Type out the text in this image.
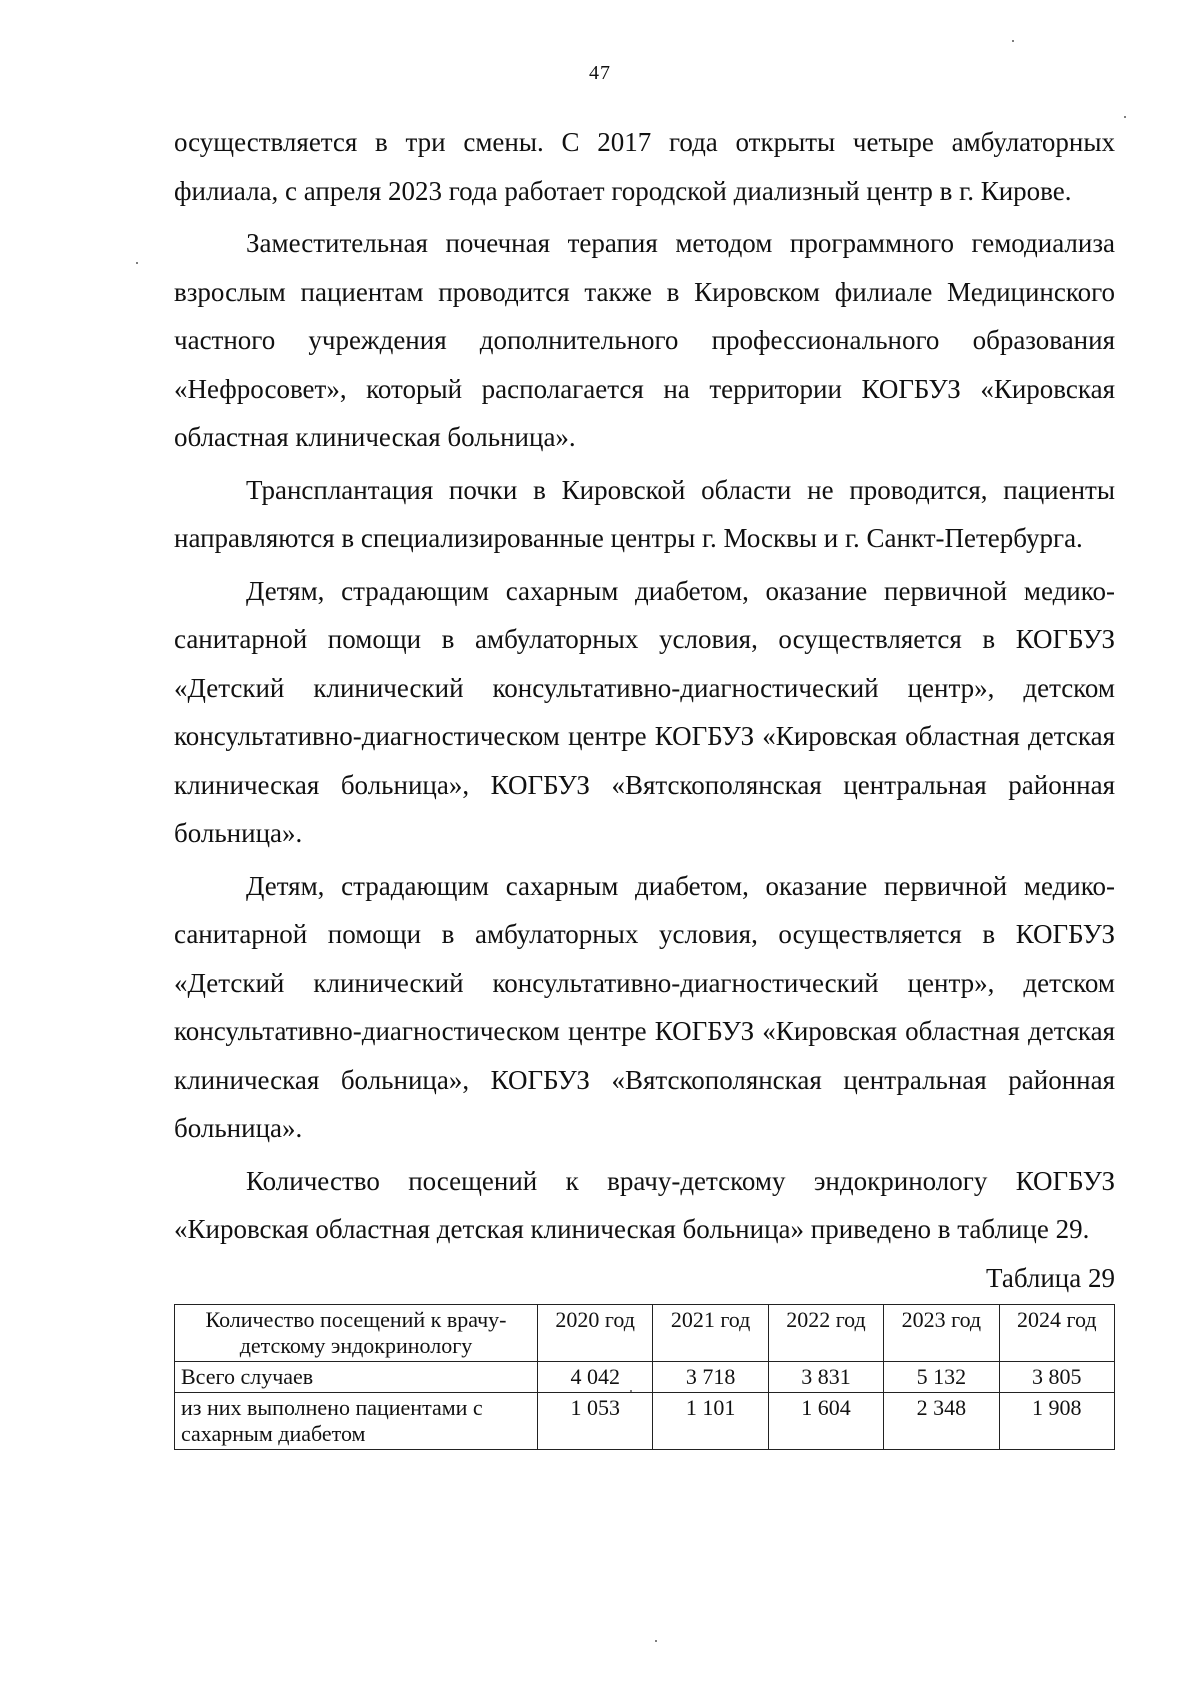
47

осуществляется в три смены. С 2017 года открыты четыре амбулаторных филиала, с апреля 2023 года работает городской диализный центр в г. Кирове.

Заместительная почечная терапия методом программного гемодиализа взрослым пациентам проводится также в Кировском филиале Медицинского частного учреждения дополнительного профессионального образования «Нефросовет», который располагается на территории КОГБУЗ «Кировская областная клиническая больница».

Трансплантация почки в Кировской области не проводится, пациенты направляются в специализированные центры г. Москвы и г. Санкт-Петербурга.

Детям, страдающим сахарным диабетом, оказание первичной медико-санитарной помощи в амбулаторных условия, осуществляется в КОГБУЗ «Детский клинический консультативно-диагностический центр», детском консультативно-диагностическом центре КОГБУЗ «Кировская областная детская клиническая больница», КОГБУЗ «Вятскополянская центральная районная больница».

Детям, страдающим сахарным диабетом, оказание первичной медико-санитарной помощи в амбулаторных условия, осуществляется в КОГБУЗ «Детский клинический консультативно-диагностический центр», детском консультативно-диагностическом центре КОГБУЗ «Кировская областная детская клиническая больница», КОГБУЗ «Вятскополянская центральная районная больница».

Количество посещений к врачу-детскому эндокринологу КОГБУЗ «Кировская областная детская клиническая больница» приведено в таблице 29.

Таблица 29
Количество посещений к врачу-детскому эндокринологу	2020 год	2021 год	2022 год	2023 год	2024 год
Всего случаев	4 042	3 718	3 831	5 132	3 805
из них выполнено пациентами с сахарным диабетом	1 053	1 101	1 604	2 348	1 908
